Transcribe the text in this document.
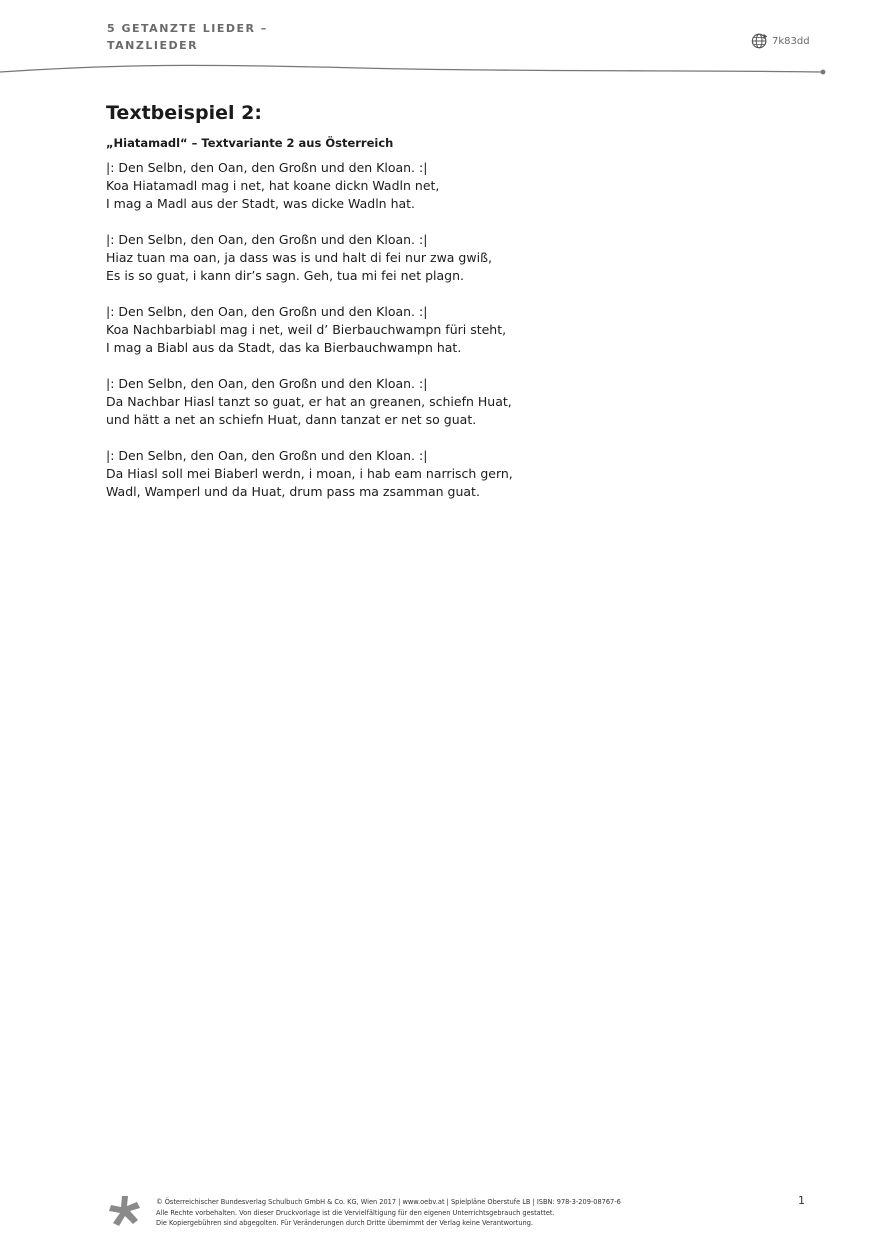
5 GETANZTE LIEDER –
TANZLIEDER	7k83dd
Textbeispiel 2:
„Hiatamadl“ – Textvariante 2 aus Österreich
|: Den Selbn, den Oan, den Großn und den Kloan. :|
Koa Hiatamadl mag i net, hat koane dickn Wadln net,
I mag a Madl aus der Stadt, was dicke Wadln hat.
|: Den Selbn, den Oan, den Großn und den Kloan. :|
Hiaz tuan ma oan, ja dass was is und halt di fei nur zwa gwiß,
Es is so guat, i kann dir’s sagn. Geh, tua mi fei net plagn.
|: Den Selbn, den Oan, den Großn und den Kloan. :|
Koa Nachbarbiabl mag i net, weil d’ Bierbauchwampn füri steht,
I mag a Biabl aus da Stadt, das ka Bierbauchwampn hat.
|: Den Selbn, den Oan, den Großn und den Kloan. :|
Da Nachbar Hiasl tanzt so guat, er hat an greanen, schiefn Huat,
und hätt a net an schiefn Huat, dann tanzat er net so guat.
|: Den Selbn, den Oan, den Großn und den Kloan. :|
Da Hiasl soll mei Biaberl werdn, i moan, i hab eam narrisch gern,
Wadl, Wamperl und da Huat, drum pass ma zsamman guat.
© Österreichischer Bundesverlag Schulbuch GmbH & Co. KG, Wien 2017 | www.oebv.at | Spielpläne Oberstufe LB | ISBN: 978-3-209-08767-6
Alle Rechte vorbehalten. Von dieser Druckvorlage ist die Vervielfältigung für den eigenen Unterrichtsgebrauch gestattet.
Die Kopiergebühren sind abgegolten. Für Veränderungen durch Dritte übernimmt der Verlag keine Verantwortung.
1
